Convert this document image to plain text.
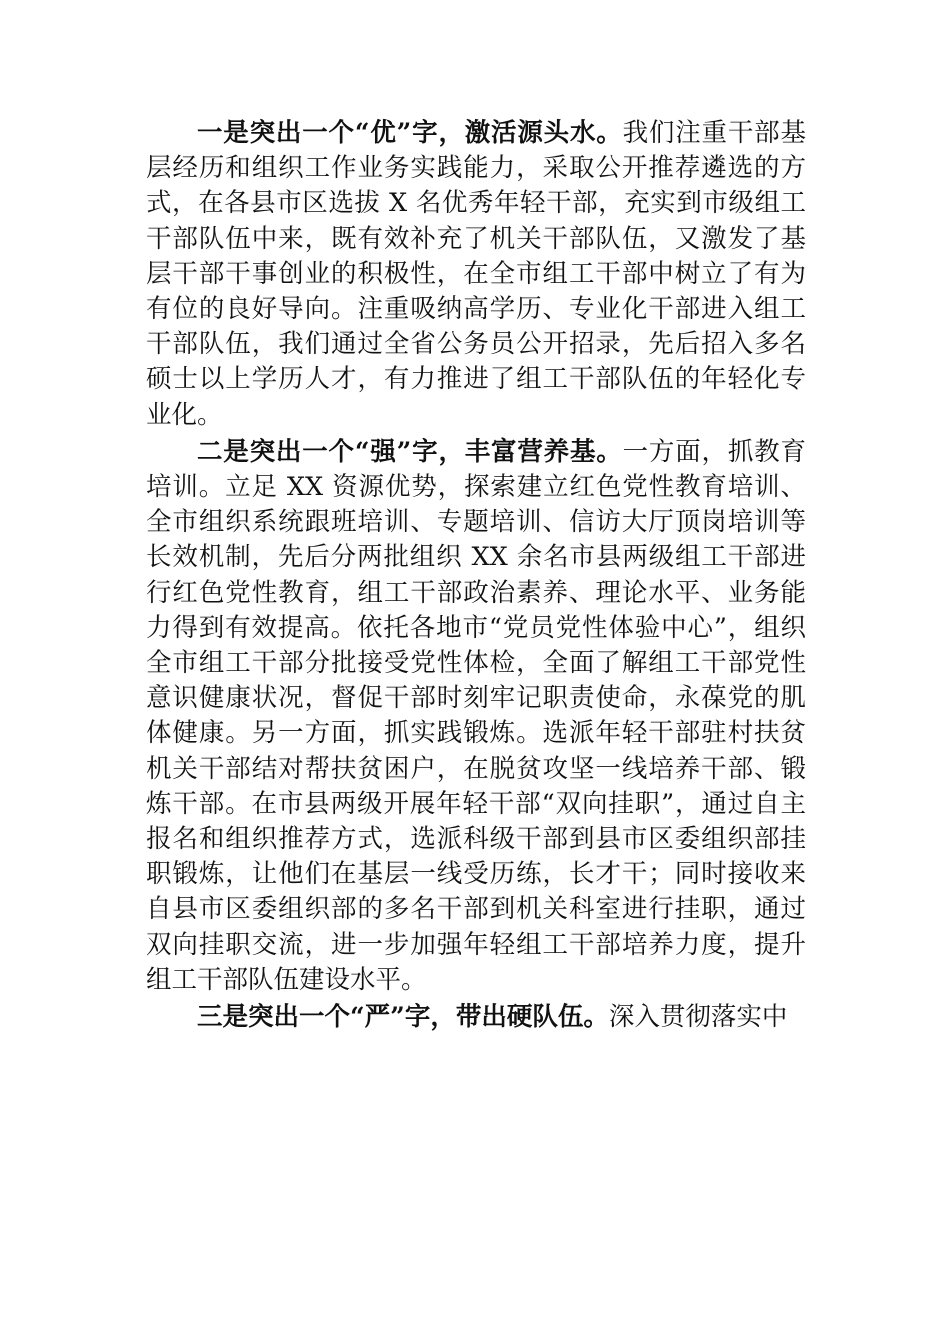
一是突出一个“优”字，激活源头水。我们注重干部基层经历和组织工作业务实践能力，采取公开推荐遴选的方式，在各县市区选拔 X 名优秀年轻干部，充实到市级组工干部队伍中来，既有效补充了机关干部队伍，又激发了基层干部干事创业的积极性，在全市组工干部中树立了有为有位的良好导向。注重吸纳高学历、专业化干部进入组工干部队伍，我们通过全省公务员公开招录，先后招入多名硕士以上学历人才，有力推进了组工干部队伍的年轻化专业化。

二是突出一个“强”字，丰富营养基。一方面，抓教育培训。立足 XX 资源优势，探索建立红色党性教育培训、全市组织系统跟班培训、专题培训、信访大厅顶岗培训等长效机制，先后分两批组织 XX 余名市县两级组工干部进行红色党性教育，组工干部政治素养、理论水平、业务能力得到有效提高。依托各地市“党员党性体验中心”，组织全市组工干部分批接受党性体检，全面了解组工干部党性意识健康状况，督促干部时刻牢记职责使命，永葆党的肌体健康。另一方面，抓实践锻炼。选派年轻干部驻村扶贫机关干部结对帮扶贫困户，在脱贫攻坚一线培养干部、锻炼干部。在市县两级开展年轻干部“双向挂职”，通过自主报名和组织推荐方式，选派科级干部到县市区委组织部挂职锻炼，让他们在基层一线受历练，长才干；同时接收来自县市区委组织部的多名干部到机关科室进行挂职，通过双向挂职交流，进一步加强年轻组工干部培养力度，提升组工干部队伍建设水平。

三是突出一个“严”字，带出硬队伍。深入贯彻落实中
